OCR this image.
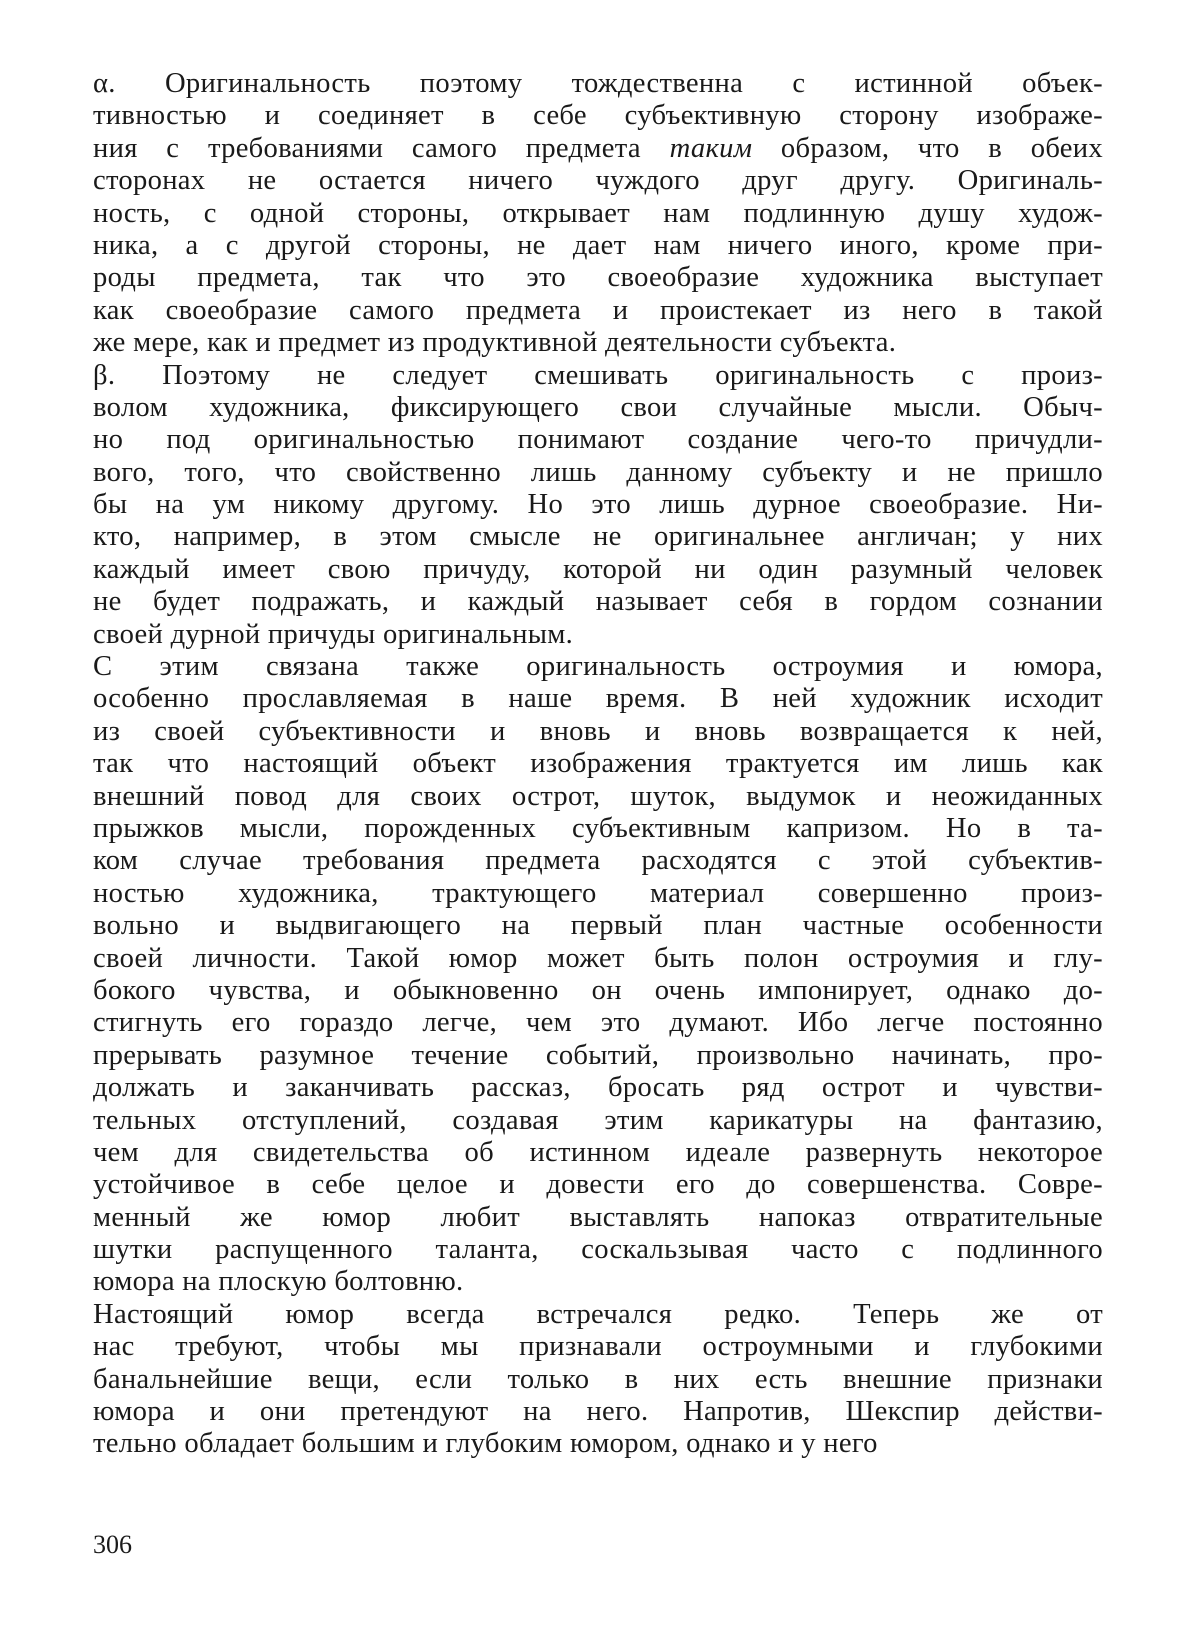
α. Оригинальность поэтому тождественна с истинной объек-
тивностью и соединяет в себе субъективную сторону изображе-
ния с требованиями самого предмета таким образом, что в обеих
сторонах не остается ничего чуждого друг другу. Оригиналь-
ность, с одной стороны, открывает нам подлинную душу худож-
ника, а с другой стороны, не дает нам ничего иного, кроме при-
роды предмета, так что это своеобразие художника выступает
как своеобразие самого предмета и проистекает из него в такой
же мере, как и предмет из продуктивной деятельности субъекта.
β. Поэтому не следует смешивать оригинальность с произ-
волом художника, фиксирующего свои случайные мысли. Обыч-
но под оригинальностью понимают создание чего-то причудли-
вого, того, что свойственно лишь данному субъекту и не пришло
бы на ум никому другому. Но это лишь дурное своеобразие. Ни-
кто, например, в этом смысле не оригинальнее англичан; у них
каждый имеет свою причуду, которой ни один разумный человек
не будет подражать, и каждый называет себя в гордом сознании
своей дурной причуды оригинальным.
С этим связана также оригинальность остроумия и юмора,
особенно прославляемая в наше время. В ней художник исходит
из своей субъективности и вновь и вновь возвращается к ней,
так что настоящий объект изображения трактуется им лишь как
внешний повод для своих острот, шуток, выдумок и неожиданных
прыжков мысли, порожденных субъективным капризом. Но в та-
ком случае требования предмета расходятся с этой субъектив-
ностью художника, трактующего материал совершенно произ-
вольно и выдвигающего на первый план частные особенности
своей личности. Такой юмор может быть полон остроумия и глу-
бокого чувства, и обыкновенно он очень импонирует, однако до-
стигнуть его гораздо легче, чем это думают. Ибо легче постоянно
прерывать разумное течение событий, произвольно начинать, про-
должать и заканчивать рассказ, бросать ряд острот и чувстви-
тельных отступлений, создавая этим карикатуры на фантазию,
чем для свидетельства об истинном идеале развернуть некоторое
устойчивое в себе целое и довести его до совершенства. Совре-
менный же юмор любит выставлять напоказ отвратительные
шутки распущенного таланта, соскальзывая часто с подлинного
юмора на плоскую болтовню.
Настоящий юмор всегда встречался редко. Теперь же от
нас требуют, чтобы мы признавали остроумными и глубокими
банальнейшие вещи, если только в них есть внешние признаки
юмора и они претендуют на него. Напротив, Шекспир действи-
тельно обладает большим и глубоким юмором, однако и у него
306
